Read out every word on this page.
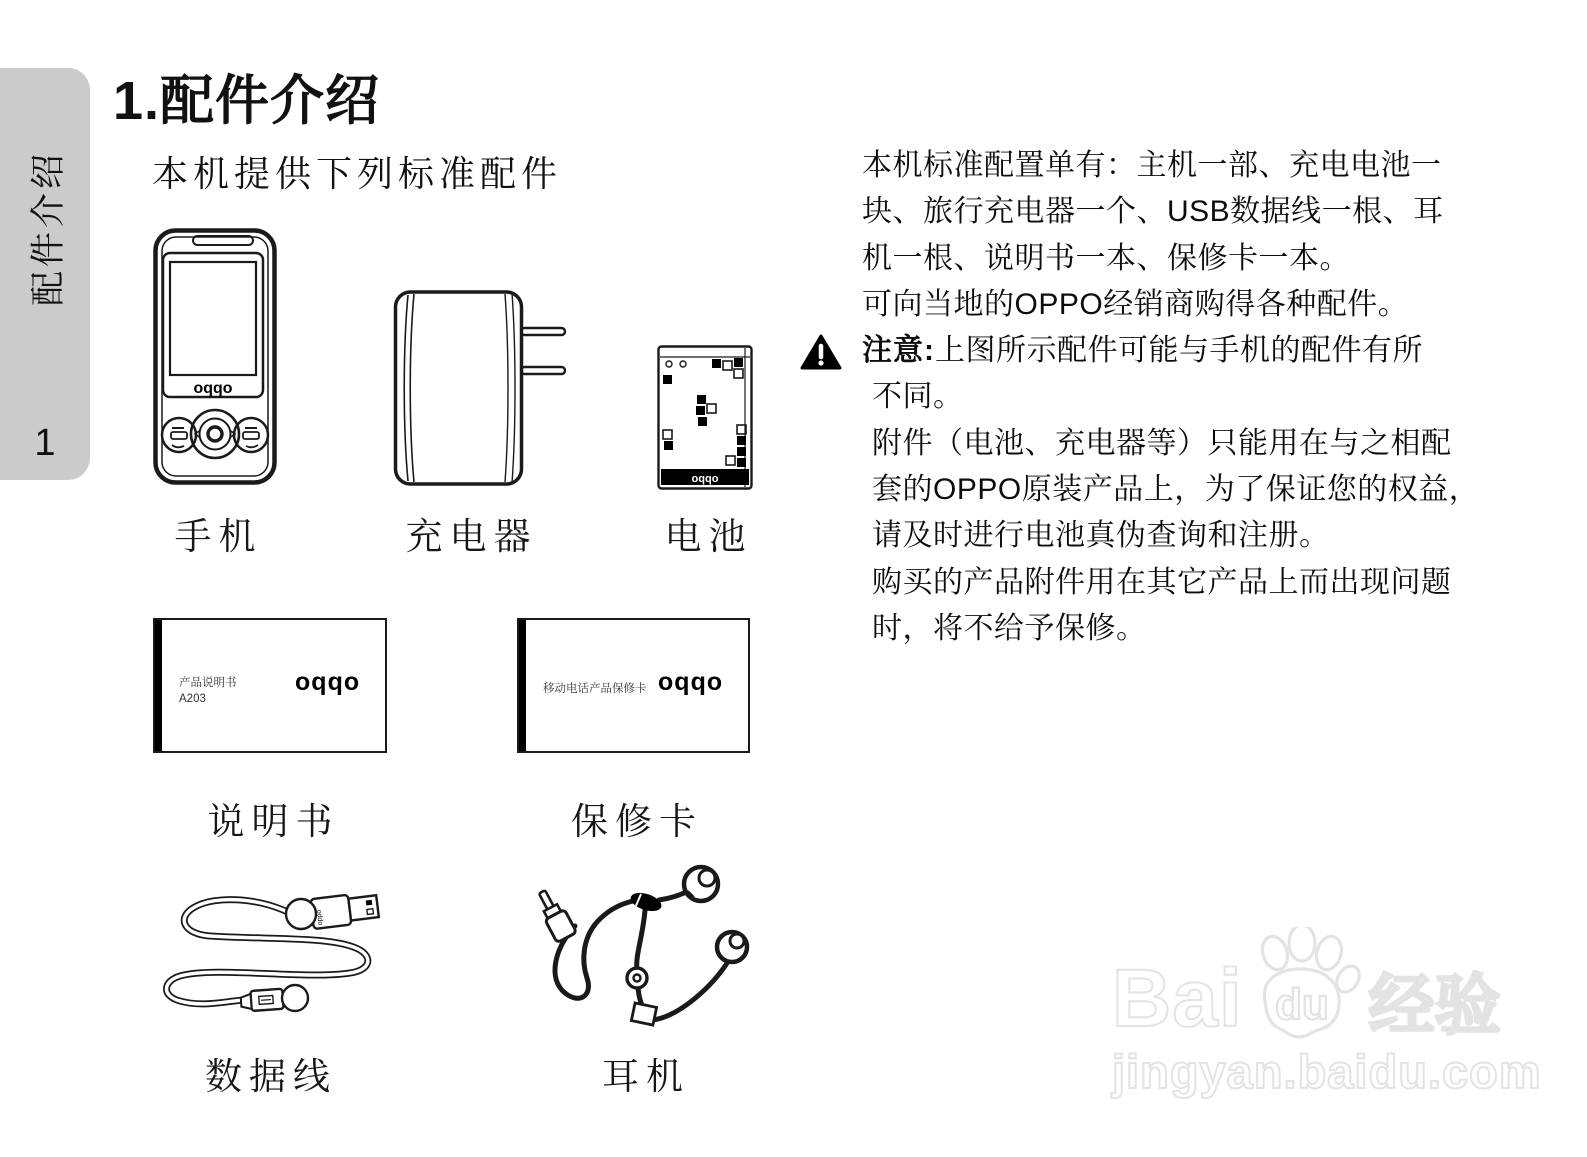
配件介绍
1
1.配件介绍
本机提供下列标准配件
oppo
手机	充电器
oppo
电池
产品说明书
A203
oppo
说明书
移动电话产品保修卡 oppo
保修卡
oppo
数据线	耳机
本机标准配置单有：主机一部、充电电池一
块、旅行充电器一个、USB数据线一根、耳
机一根、说明书一本、保修卡一本。
可向当地的OPPO经销商购得各种配件。
注意:上图所示配件可能与手机的配件有所
不同。
附件（电池、充电器等）只能用在与之相配
套的OPPO原装产品上，为了保证您的权益，
请及时进行电池真伪查询和注册。
购买的产品附件用在其它产品上而出现问题
时，将不给予保修。
Bai du 经验
jingyan.baidu.com
